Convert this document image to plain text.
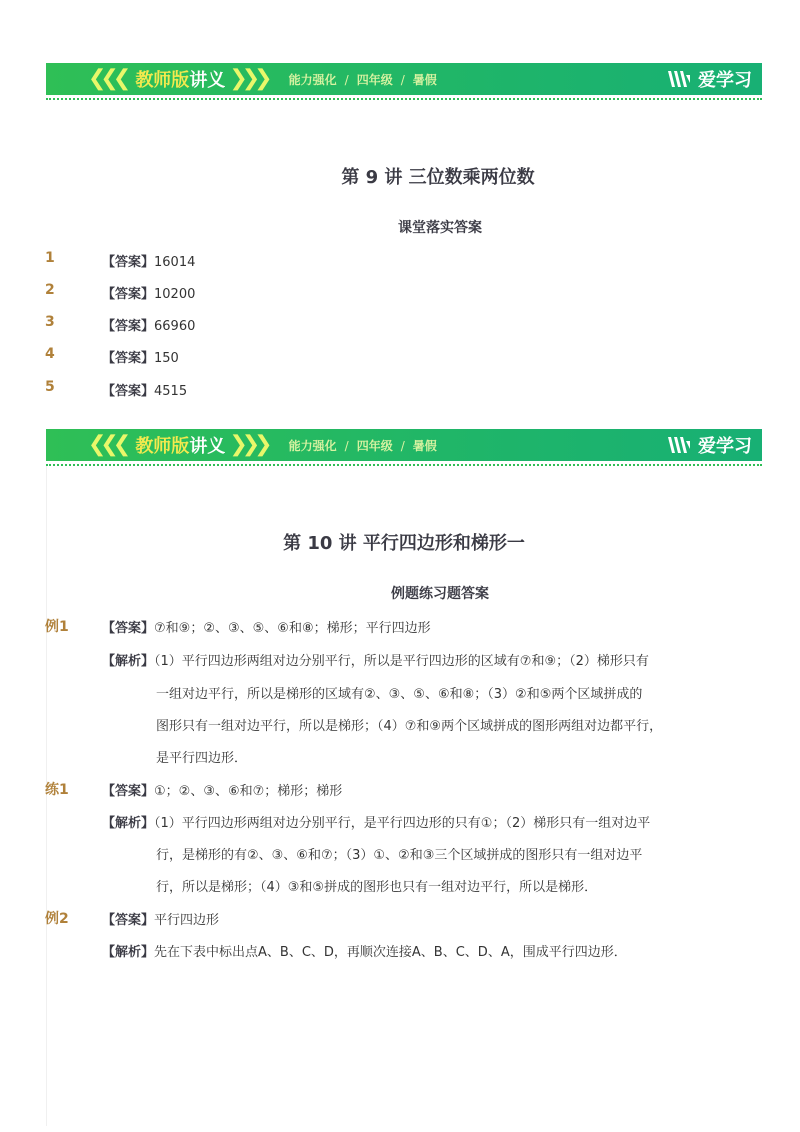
❮❮❮ 教师版讲义 ❯❯❯ 能力强化 / 四年级 / 暑假	爱学习
第 9 讲 三位数乘两位数
课堂落实答案
1	【答案】16014
2	【答案】10200
3	【答案】66960
4	【答案】150
5	【答案】4515
❮❮❮ 教师版讲义 ❯❯❯ 能力强化 / 四年级 / 暑假	爱学习
第 10 讲 平行四边形和梯形一
例题练习题答案
例1	【答案】⑦和⑨；②、③、⑤、⑥和⑧；梯形；平行四边形
【解析】（1）平行四边形两组对边分别平行，所以是平行四边形的区域有⑦和⑨；（2）梯形只有
一组对边平行，所以是梯形的区域有②、③、⑤、⑥和⑧；（3）②和⑤两个区域拼成的
图形只有一组对边平行，所以是梯形；（4）⑦和⑨两个区域拼成的图形两组对边都平行，
是平行四边形．
练1	【答案】①；②、③、⑥和⑦；梯形；梯形
【解析】（1）平行四边形两组对边分别平行，是平行四边形的只有①；（2）梯形只有一组对边平
行，是梯形的有②、③、⑥和⑦；（3）①、②和③三个区域拼成的图形只有一组对边平
行，所以是梯形；（4）③和⑤拼成的图形也只有一组对边平行，所以是梯形．
例2	【答案】平行四边形
【解析】先在下表中标出点A、B、C、D，再顺次连接A、B、C、D、A，围成平行四边形．
